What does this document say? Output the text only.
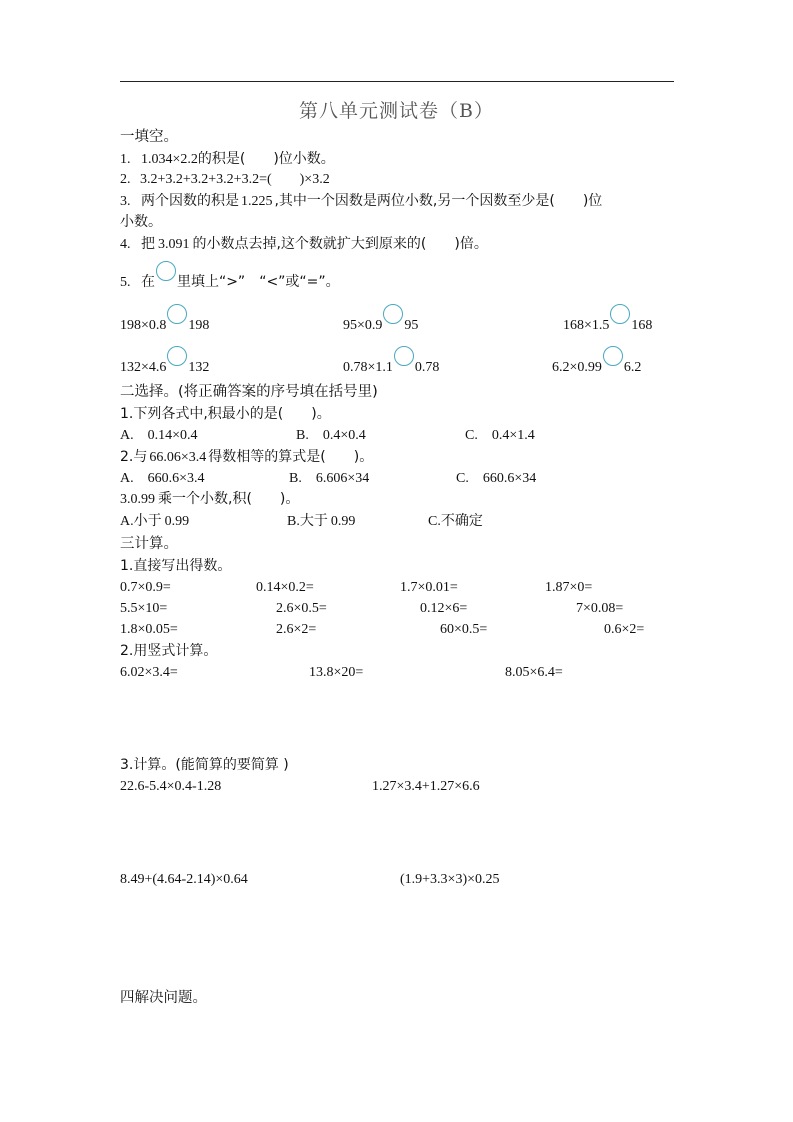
第八单元测试卷（B）
一填空。
1. 1.034×2.2的积是(　　)位小数。
2. 3.2+3.2+3.2+3.2+3.2=(　　)×3.2
3. 两个因数的积是 1.225 ,其中一个因数是两位小数,另一个因数至少是(　　)位
小数。
4. 把 3.091 的小数点去掉,这个数就扩大到原来的(　　)倍。
5. 在 里填上“>”　“<”或“=”。
198×0.8 198	95×0.9 95	168×1.5 168
132×4.6 132	0.78×1.1 0.78	6.2×0.99 6.2
二选择。(将正确答案的序号填在括号里)
1.下列各式中,积最小的是(　　)。
A.　0.14×0.4	B.　0.4×0.4	C.　0.4×1.4
2.与 66.06×3.4 得数相等的算式是(　　)。
A.　660.6×3.4	B.　6.606×34	C.　660.6×34
3.0.99 乘一个小数,积(　　)。
A.小于 0.99	B.大于 0.99	C.不确定
三计算。
1.直接写出得数。
0.7×0.9=	0.14×0.2=	1.7×0.01=	1.87×0=
5.5×10=	2.6×0.5=	0.12×6=	7×0.08=
1.8×0.05=	2.6×2=	60×0.5=	0.6×2=
2.用竖式计算。
6.02×3.4=	13.8×20=	8.05×6.4=
3.计算。(能简算的要简算 )
22.6-5.4×0.4-1.28	1.27×3.4+1.27×6.6
8.49+(4.64-2.14)×0.64	(1.9+3.3×3)×0.25
四解决问题。
